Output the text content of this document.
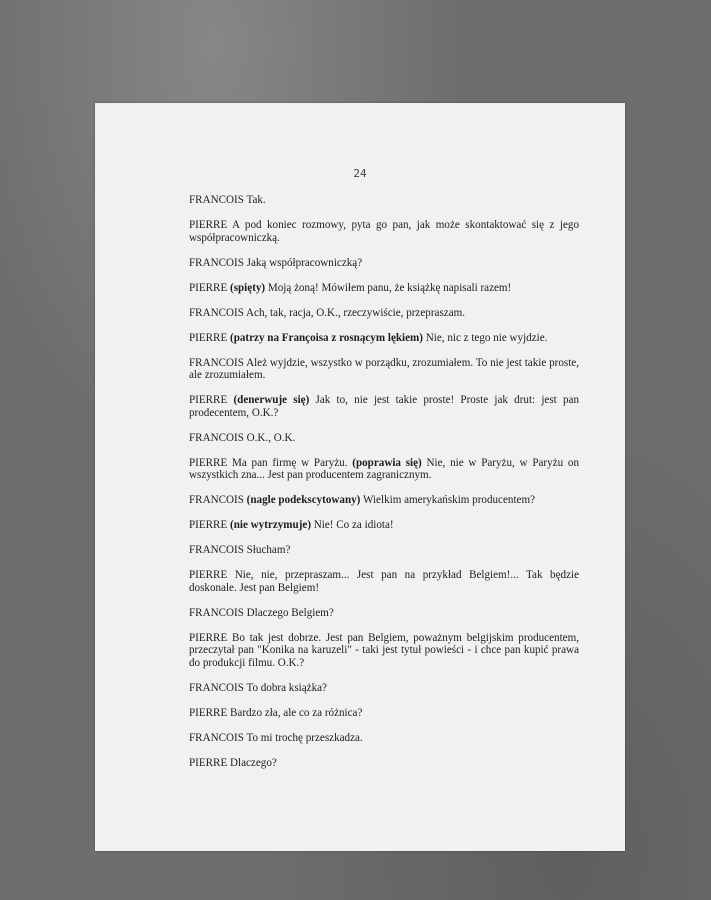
24

FRANCOIS Tak.

PIERRE A pod koniec rozmowy, pyta go pan, jak może skontaktować się z jego współpracowniczką.

FRANCOIS Jaką współpracowniczką?

PIERRE (spięty) Moją żoną! Mówiłem panu, że książkę napisali razem!

FRANCOIS Ach, tak, racja, O.K., rzeczywiście, przepraszam.

PIERRE (patrzy na Françoisa z rosnącym lękiem) Nie, nic z tego nie wyjdzie.

FRANCOIS Ależ wyjdzie, wszystko w porządku, zrozumiałem. To nie jest takie proste, ale zrozumiałem.

PIERRE (denerwuje się) Jak to, nie jest takie proste! Proste jak drut: jest pan prodecentem, O.K.?

FRANCOIS O.K., O.K.

PIERRE Ma pan firmę w Paryżu. (poprawia się) Nie, nie w Paryżu, w Paryżu on wszystkich zna... Jest pan producentem zagranicznym.

FRANCOIS (nagle podekscytowany) Wielkim amerykańskim producentem?

PIERRE (nie wytrzymuje) Nie! Co za idiota!

FRANCOIS Słucham?

PIERRE Nie, nie, przepraszam... Jest pan na przykład Belgiem!... Tak będzie doskonale. Jest pan Belgiem!

FRANCOIS Dlaczego Belgiem?

PIERRE Bo tak jest dobrze. Jest pan Belgiem, poważnym belgijskim producentem, przeczytał pan "Konika na karuzeli" - taki jest tytuł powieści - i chce pan kupić prawa do produkcji filmu. O.K.?

FRANCOIS To dobra książka?

PIERRE Bardzo zła, ale co za różnica?

FRANCOIS To mi trochę przeszkadza.

PIERRE Dlaczego?
